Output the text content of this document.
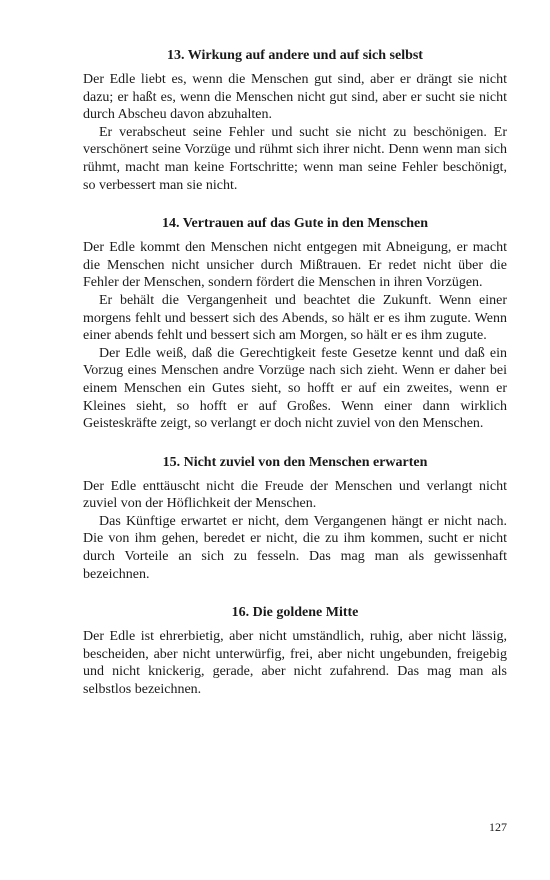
13. Wirkung auf andere und auf sich selbst

Der Edle liebt es, wenn die Menschen gut sind, aber er drängt sie nicht dazu; er haßt es, wenn die Menschen nicht gut sind, aber er sucht sie nicht durch Abscheu davon abzuhalten.

Er verabscheut seine Fehler und sucht sie nicht zu beschönigen. Er verschönert seine Vorzüge und rühmt sich ihrer nicht. Denn wenn man sich rühmt, macht man keine Fortschritte; wenn man seine Fehler beschönigt, so verbessert man sie nicht.

14. Vertrauen auf das Gute in den Menschen

Der Edle kommt den Menschen nicht entgegen mit Abneigung, er macht die Menschen nicht unsicher durch Mißtrauen. Er redet nicht über die Fehler der Menschen, sondern fördert die Menschen in ihren Vorzügen.

Er behält die Vergangenheit und beachtet die Zukunft. Wenn einer morgens fehlt und bessert sich des Abends, so hält er es ihm zugute. Wenn einer abends fehlt und bessert sich am Morgen, so hält er es ihm zugute.

Der Edle weiß, daß die Gerechtigkeit feste Gesetze kennt und daß ein Vorzug eines Menschen andre Vorzüge nach sich zieht. Wenn er daher bei einem Menschen ein Gutes sieht, so hofft er auf ein zweites, wenn er Kleines sieht, so hofft er auf Großes. Wenn einer dann wirklich Geisteskräfte zeigt, so verlangt er doch nicht zuviel von den Menschen.

15. Nicht zuviel von den Menschen erwarten

Der Edle enttäuscht nicht die Freude der Menschen und verlangt nicht zuviel von der Höflichkeit der Menschen.

Das Künftige erwartet er nicht, dem Vergangenen hängt er nicht nach. Die von ihm gehen, beredet er nicht, die zu ihm kommen, sucht er nicht durch Vorteile an sich zu fesseln. Das mag man als gewissenhaft bezeichnen.

16. Die goldene Mitte

Der Edle ist ehrerbietig, aber nicht umständlich, ruhig, aber nicht lässig, bescheiden, aber nicht unterwürfig, frei, aber nicht ungebunden, freigebig und nicht knickerig, gerade, aber nicht zufahrend. Das mag man als selbstlos bezeichnen.

127
